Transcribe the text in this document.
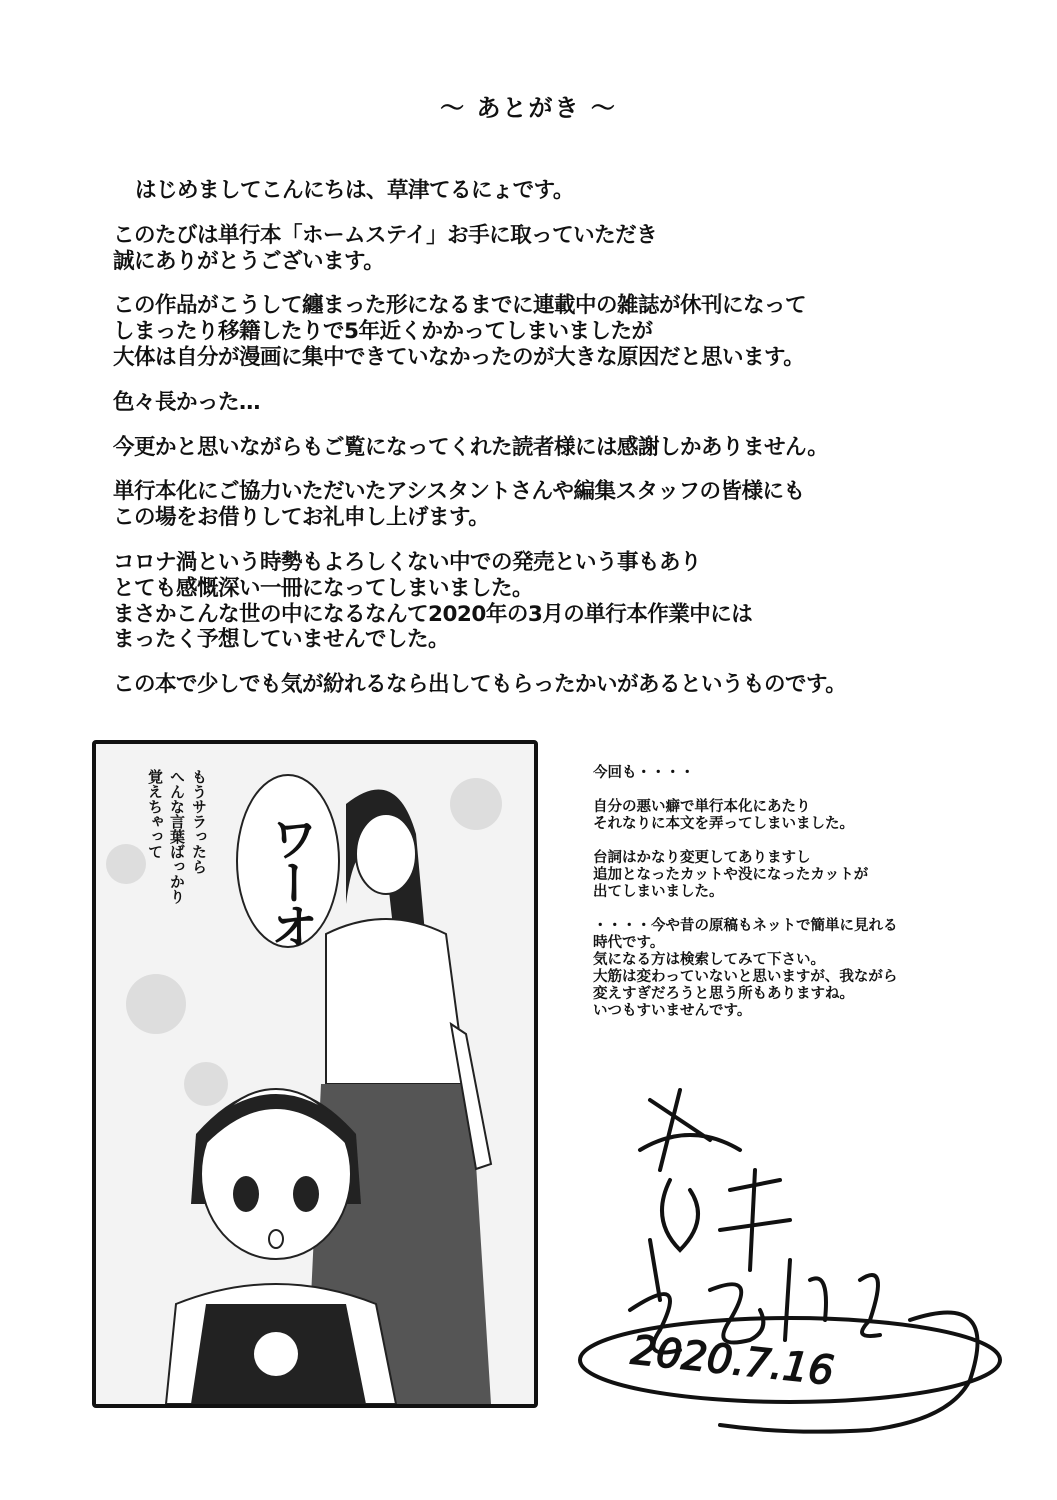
〜 あとがき 〜

はじめましてこんにちは、草津てるにょです。

このたびは単行本「ホームステイ」お手に取っていただき
誠にありがとうございます。

この作品がこうして纏まった形になるまでに連載中の雑誌が休刊になって
しまったり移籍したりで5年近くかかってしまいましたが
大体は自分が漫画に集中できていなかったのが大きな原因だと思います。

色々長かった…

今更かと思いながらもご覧になってくれた読者様には感謝しかありません。

単行本化にご協力いただいたアシスタントさんや編集スタッフの皆様にも
この場をお借りしてお礼申し上げます。

コロナ渦という時勢もよろしくない中での発売という事もあり
とても感慨深い一冊になってしまいました。
まさかこんな世の中になるなんて2020年の3月の単行本作業中には
まったく予想していませんでした。

この本で少しでも気が紛れるなら出してもらったかいがあるというものです。

ワーオ
もうサラったら
へんな言葉ばっかり
覚えちゃって	今回も・・・・

自分の悪い癖で単行本化にあたり
それなりに本文を弄ってしまいました。

台詞はかなり変更してありますし
追加となったカットや没になったカットが
出てしまいました。

・・・・今や昔の原稿もネットで簡単に見れる
時代です。
気になる方は検索してみて下さい。
大筋は変わっていないと思いますが、我ながら
変えすぎだろうと思う所もありますね。
いつもすいませんです。

2020.7.16
